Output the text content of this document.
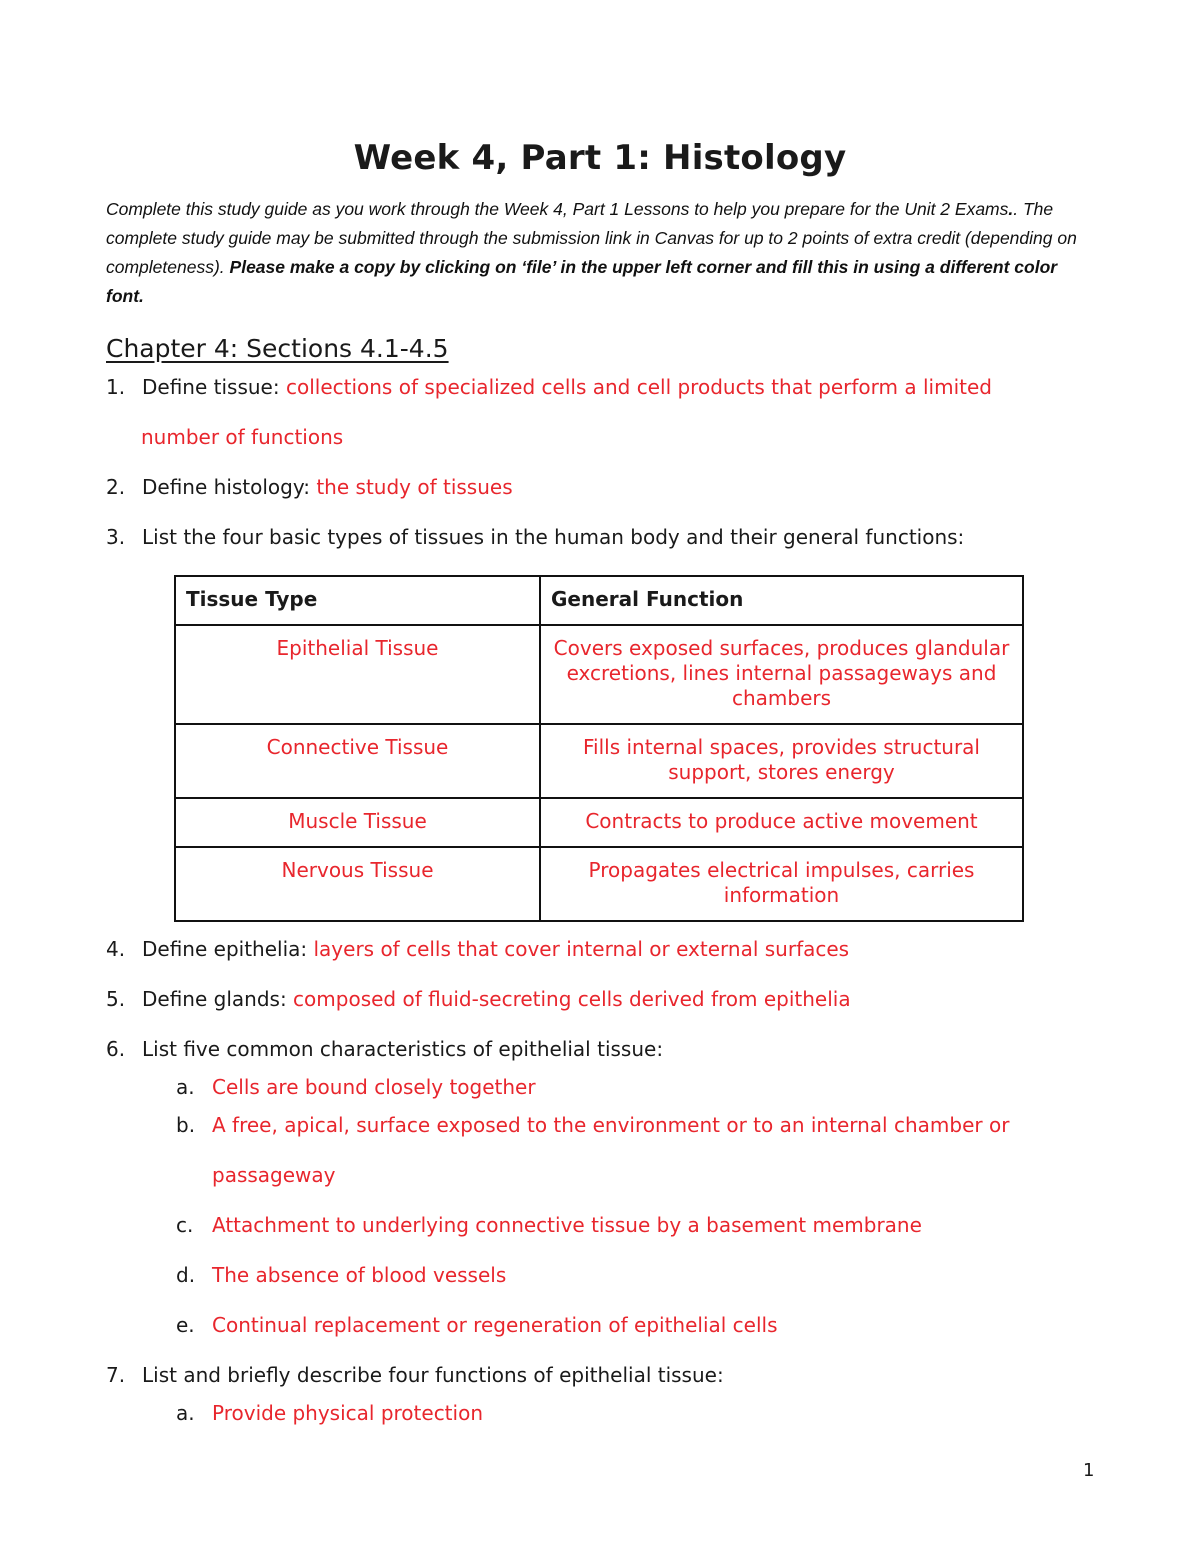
Week 4, Part 1: Histology
Complete this study guide as you work through the Week 4, Part 1 Lessons to help you prepare for the Unit 2 Exams.. The complete study guide may be submitted through the submission link in Canvas for up to 2 points of extra credit (depending on completeness). Please make a copy by clicking on ‘file’ in the upper left corner and fill this in using a different color font.
Chapter 4: Sections 4.1-4.5
1. Define tissue: collections of specialized cells and cell products that perform a limited
number of functions
2. Define histology: the study of tissues
3. List the four basic types of tissues in the human body and their general functions:
Tissue Type	General Function
Epithelial Tissue	Covers exposed surfaces, produces glandular excretions, lines internal passageways and chambers
Connective Tissue	Fills internal spaces, provides structural support, stores energy
Muscle Tissue	Contracts to produce active movement
Nervous Tissue	Propagates electrical impulses, carries information
4. Define epithelia: layers of cells that cover internal or external surfaces
5. Define glands: composed of fluid-secreting cells derived from epithelia
6. List five common characteristics of epithelial tissue:
a. Cells are bound closely together
b. A free, apical, surface exposed to the environment or to an internal chamber or
passageway
c. Attachment to underlying connective tissue by a basement membrane
d. The absence of blood vessels
e. Continual replacement or regeneration of epithelial cells
7. List and briefly describe four functions of epithelial tissue:
a. Provide physical protection
1
